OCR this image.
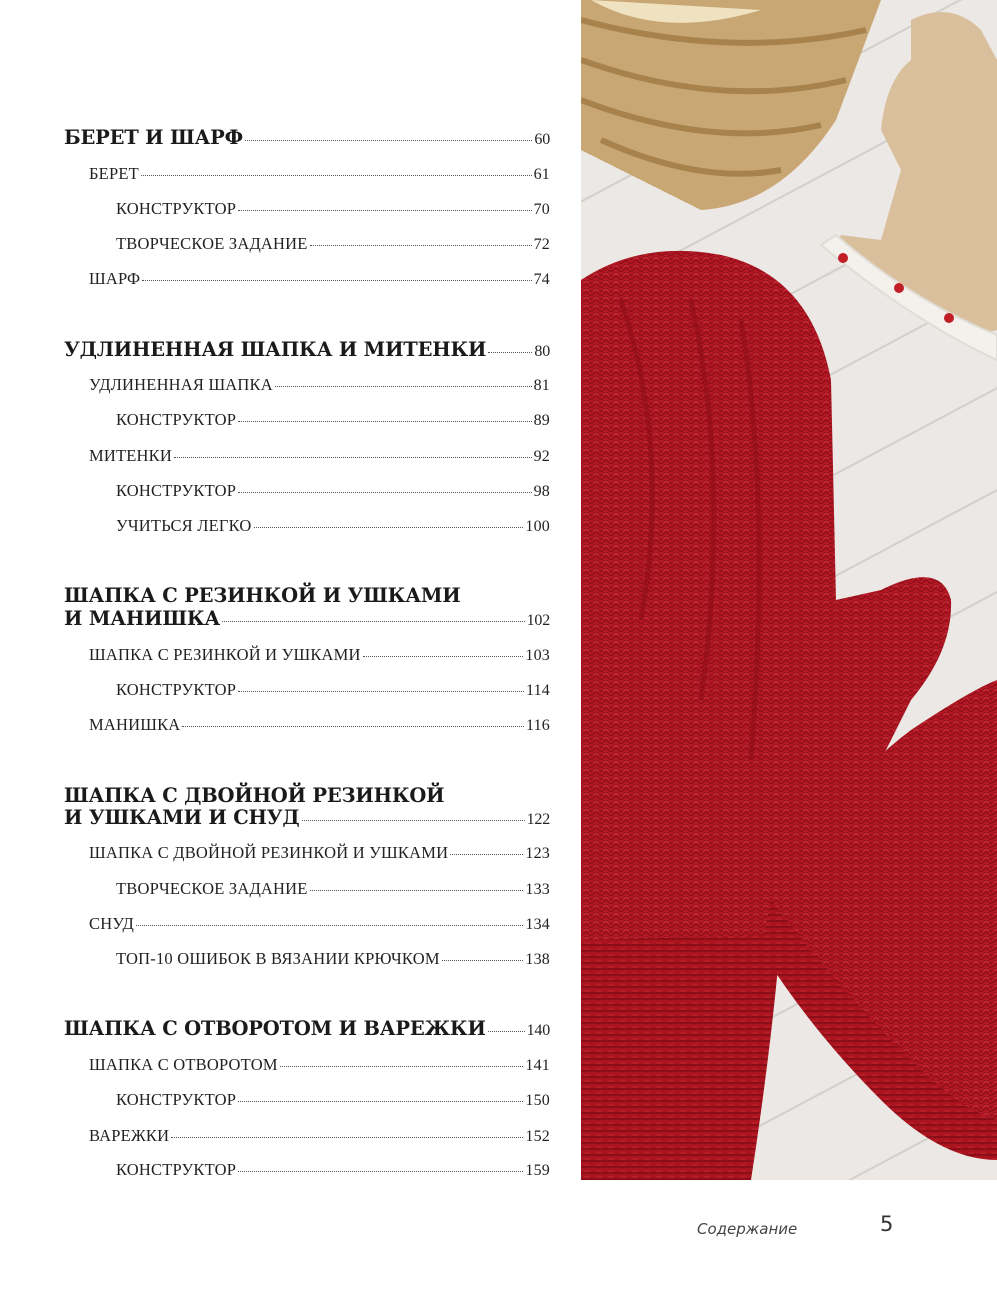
БЕРЕТ И ШАРФ	60
БЕРЕТ	61
КОНСТРУКТОР	70
ТВОРЧЕСКОЕ ЗАДАНИЕ	72
ШАРФ	74
УДЛИНЕННАЯ ШАПКА И МИТЕНКИ	80
УДЛИНЕННАЯ ШАПКА	81
КОНСТРУКТОР	89
МИТЕНКИ	92
КОНСТРУКТОР	98
УЧИТЬСЯ ЛЕГКО	100
ШАПКА С РЕЗИНКОЙ И УШКАМИ
И МАНИШКА	102
ШАПКА С РЕЗИНКОЙ И УШКАМИ	103
КОНСТРУКТОР	114
МАНИШКА	116
ШАПКА С ДВОЙНОЙ РЕЗИНКОЙ
И УШКАМИ И СНУД	122
ШАПКА С ДВОЙНОЙ РЕЗИНКОЙ И УШКАМИ	123
ТВОРЧЕСКОЕ ЗАДАНИЕ	133
СНУД	134
ТОП-10 ОШИБОК В ВЯЗАНИИ КРЮЧКОМ	138
ШАПКА С ОТВОРОТОМ И ВАРЕЖКИ	140
ШАПКА С ОТВОРОТОМ	141
КОНСТРУКТОР	150
ВАРЕЖКИ	152
КОНСТРУКТОР	159
Содержание	5
